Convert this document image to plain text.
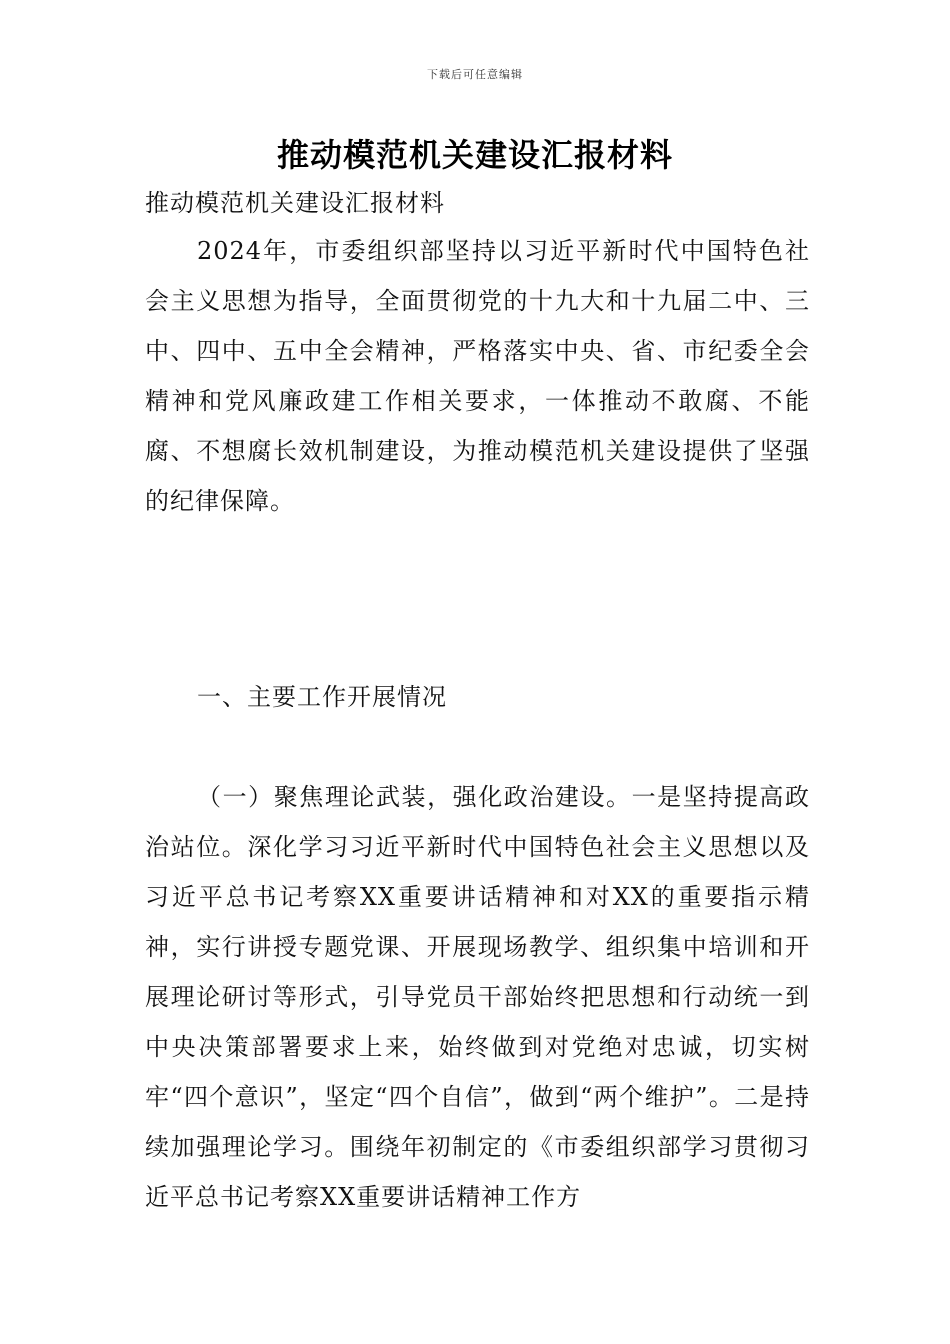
下载后可任意编辑
推动模范机关建设汇报材料
推动模范机关建设汇报材料
2024年，市委组织部坚持以习近平新时代中国特色社会主义思想为指导，全面贯彻党的十九大和十九届二中、三中、四中、五中全会精神，严格落实中央、省、市纪委全会精神和党风廉政建工作相关要求，一体推动不敢腐、不能腐、不想腐长效机制建设，为推动模范机关建设提供了坚强的纪律保障。
一、主要工作开展情况
（一）聚焦理论武装，强化政治建设。一是坚持提高政治站位。深化学习习近平新时代中国特色社会主义思想以及习近平总书记考察XX重要讲话精神和对XX的重要指示精神，实行讲授专题党课、开展现场教学、组织集中培训和开展理论研讨等形式，引导党员干部始终把思想和行动统一到中央决策部署要求上来，始终做到对党绝对忠诚，切实树牢“四个意识”，坚定“四个自信”，做到“两个维护”。二是持续加强理论学习。围绕年初制定的《市委组织部学习贯彻习近平总书记考察XX重要讲话精神工作方
